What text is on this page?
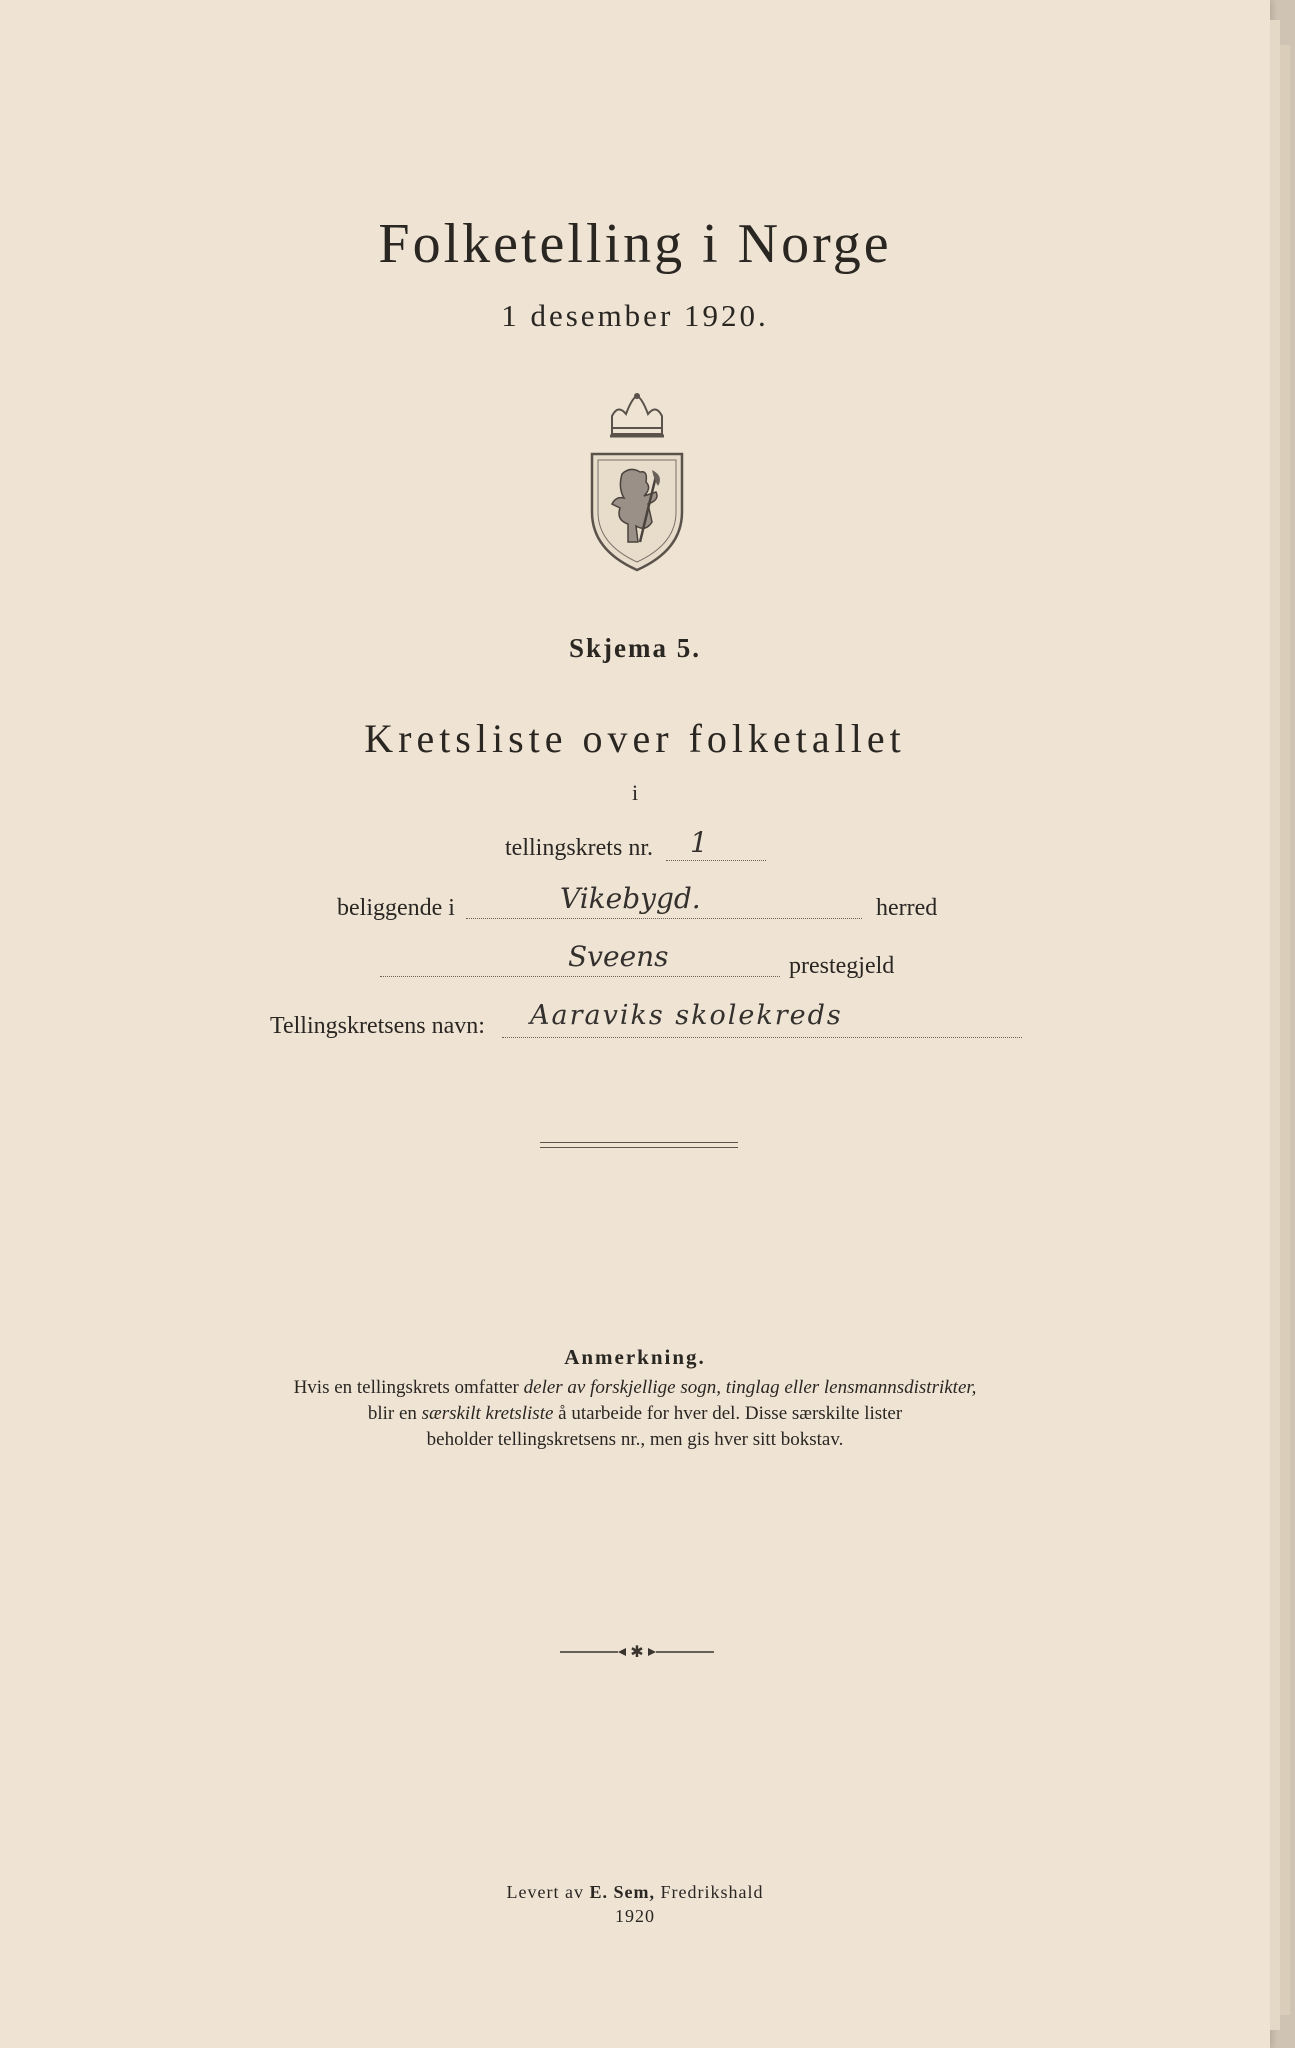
Folketelling i Norge
1 desember 1920.
Skjema 5.
Kretsliste over folketallet
i
tellingskrets nr. 1
beliggende i	Vikebygd.	herred
Sveens	prestegjeld
Tellingskretsens navn: Aaraviks skolekreds
Anmerkning.
Hvis en tellingskrets omfatter deler av forskjellige sogn, tinglag eller lensmannsdistrikter,
blir en særskilt kretsliste å utarbeide for hver del. Disse særskilte lister
beholder tellingskretsens nr., men gis hver sitt bokstav.
✱
Levert av E. Sem, Fredrikshald
1920
